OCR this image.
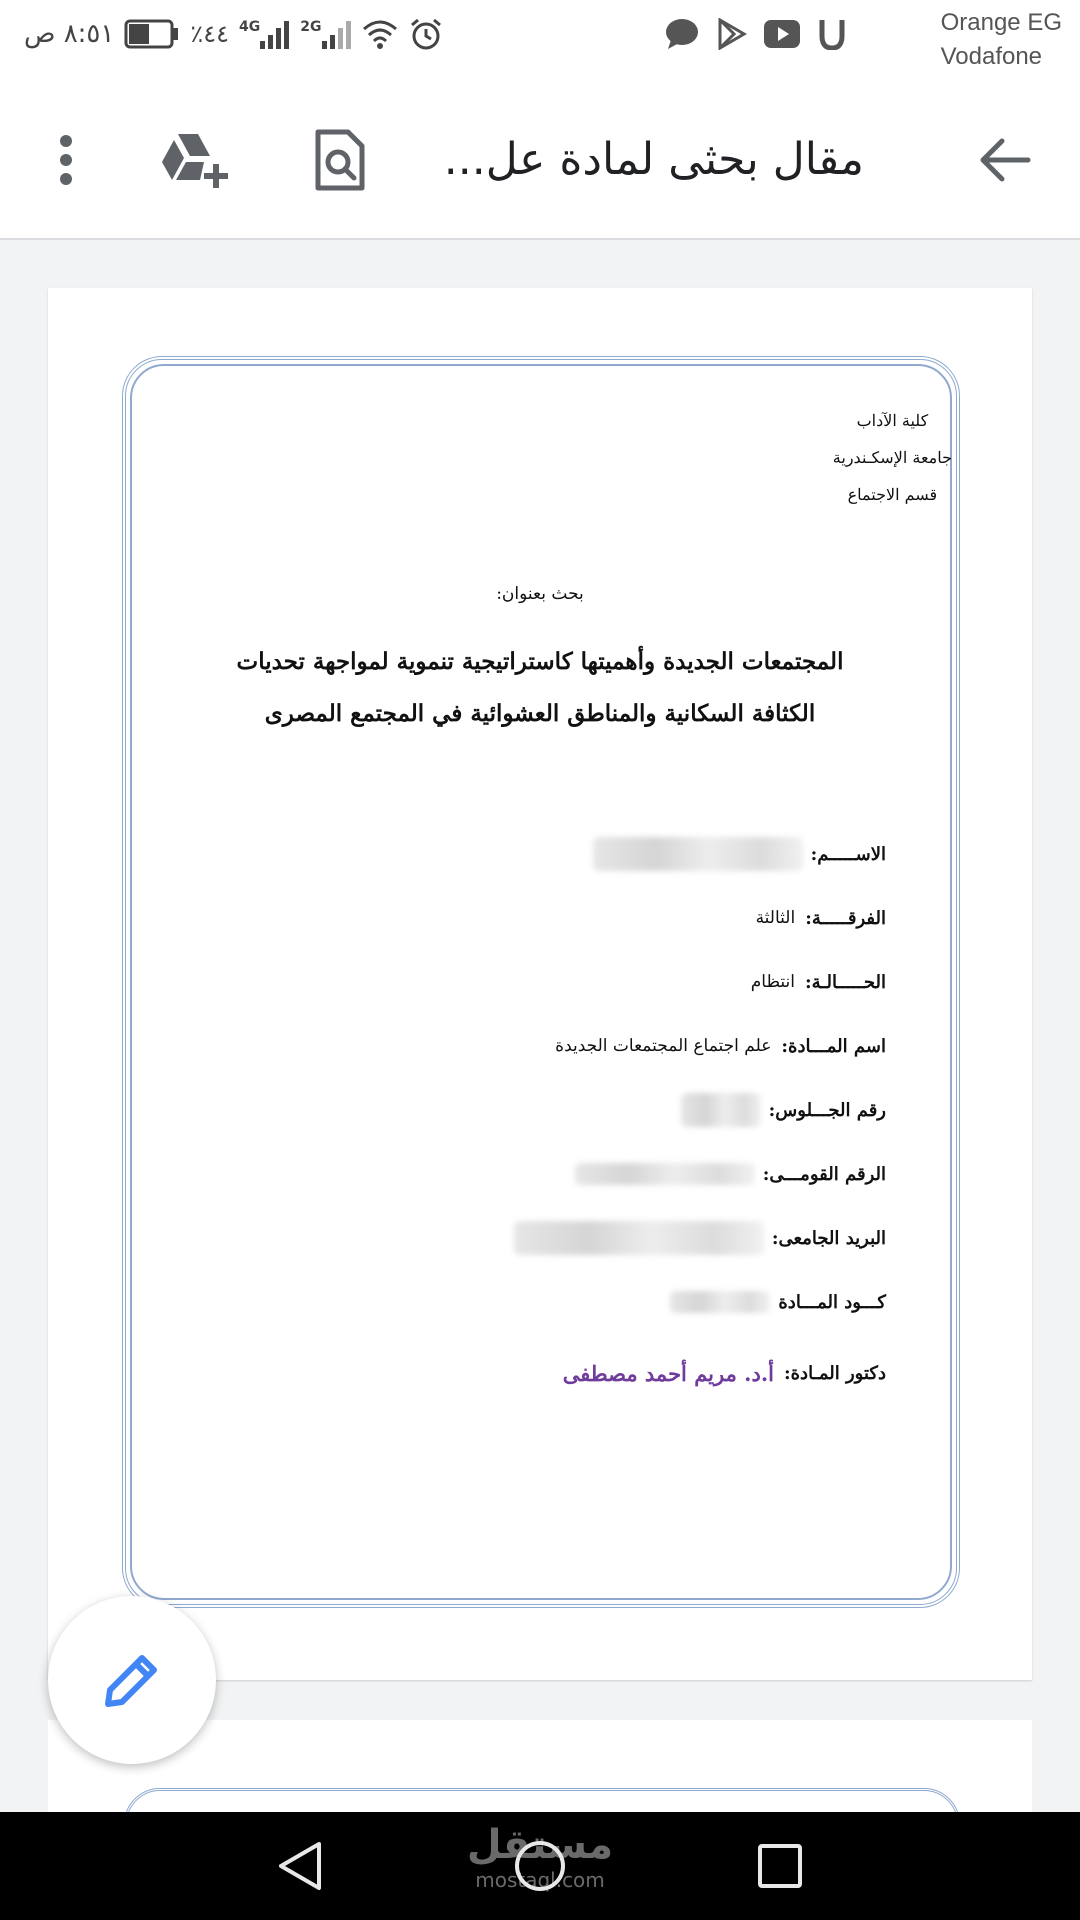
Orange EG
Vodafone
٨:٥١ ص	٪٤٤ 4G	2G
مقال بحثى لمادة عل...
كلية الآداب
جامعة الإسكـندرية
قسم الاجتماع
بحث بعنوان:
المجتمعات الجديدة وأهميتها كاستراتيجية تنموية لمواجهة تحديات
الكثافة السكانية والمناطق العشوائية في المجتمع المصرى
الاســـــم:
الفرقـــــة:
الثالثة
الحـــــالـة:
انتظام
اسم المـــادة:
علم اجتماع المجتمعات الجديدة
رقم الجـــلوس:
الرقم القومـــى:
البريد الجامعى:
كـــود المـــادة
دكتور المـادة:
أ.د. مريم أحمد مصطفى
مستقل
mostaql.com
